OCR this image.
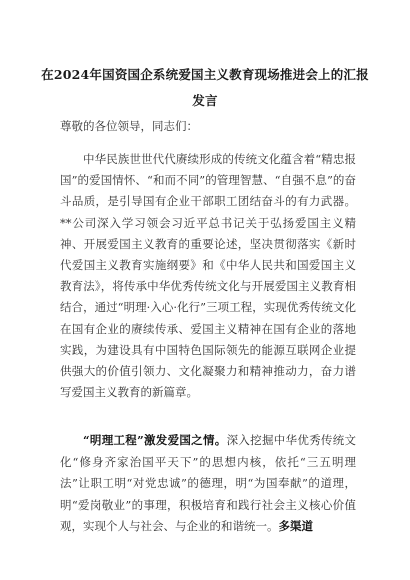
在2024年国资国企系统爱国主义教育现场推进会上的汇报
发言
尊敬的各位领导，同志们：

中华民族世世代代赓续形成的传统文化蕴含着“精忠报国”的爱国情怀、“和而不同”的管理智慧、“自强不息”的奋斗品质，是引导国有企业干部职工团结奋斗的有力武器。**公司深入学习领会习近平总书记关于弘扬爱国主义精神、开展爱国主义教育的重要论述，坚决贯彻落实《新时代爱国主义教育实施纲要》和《中华人民共和国爱国主义教育法》，将传承中华优秀传统文化与开展爱国主义教育相结合，通过“明理·入心·化行”三项工程，实现优秀传统文化在国有企业的赓续传承、爱国主义精神在国有企业的落地实践，为建设具有中国特色国际领先的能源互联网企业提供强大的价值引领力、文化凝聚力和精神推动力，奋力谱写爱国主义教育的新篇章。

“明理工程”激发爱国之情。深入挖掘中华优秀传统文化“修身齐家治国平天下”的思想内核，依托“三五明理法”让职工明“对党忠诚”的德理，明“为国奉献”的道理，明“爱岗敬业”的事理，积极培育和践行社会主义核心价值观，实现个人与社会、与企业的和谐统一。多渠道
